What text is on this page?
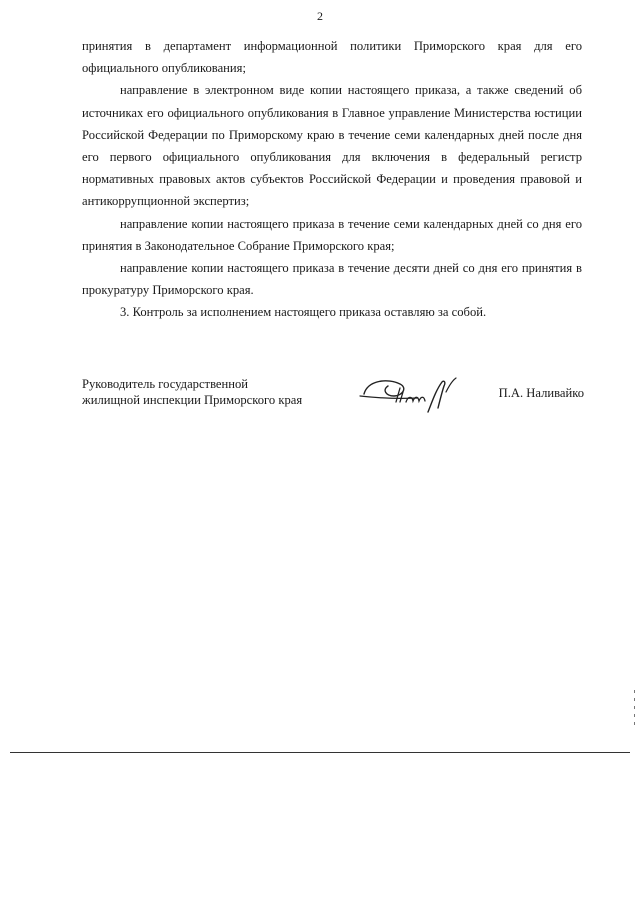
2

принятия в департамент информационной политики Приморского края для его официального опубликования;

направление в электронном виде копии настоящего приказа, а также сведений об источниках его официального опубликования в Главное управление Министерства юстиции Российской Федерации по Приморскому краю в течение семи календарных дней после дня его первого официального опубликования для включения в федеральный регистр нормативных правовых актов субъектов Российской Федерации и проведения правовой и антикоррупционной экспертиз;

направление копии настоящего приказа в течение семи календарных дней со дня его принятия в Законодательное Собрание Приморского края;

направление копии настоящего приказа в течение десяти дней со дня его принятия в прокуратуру Приморского края.

3. Контроль за исполнением настоящего приказа оставляю за собой.

Руководитель государственной
жилищной инспекции Приморского края	П.А. Наливайко
